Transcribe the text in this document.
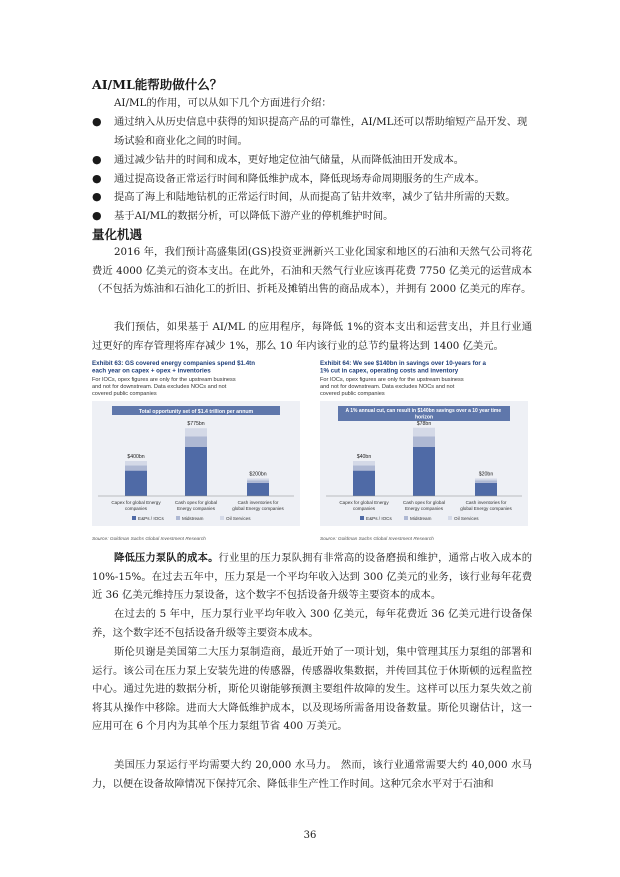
AI/ML能帮助做什么？

AI/ML的作用，可以从如下几个方面进行介绍：

● 通过纳入从历史信息中获得的知识提高产品的可靠性，AI/ML还可以帮助缩短产品开发、现场试验和商业化之间的时间。
● 通过减少钻井的时间和成本，更好地定位油气储量，从而降低油田开发成本。
● 通过提高设备正常运行时间和降低维护成本，降低现场寿命周期服务的生产成本。
● 提高了海上和陆地钻机的正常运行时间，从而提高了钻井效率，减少了钻井所需的天数。
● 基于AI/ML的数据分析，可以降低下游产业的停机维护时间。
量化机遇

2016 年，我们预计高盛集团(GS)投资亚洲新兴工业化国家和地区的石油和天然气公司将花费近 4000 亿美元的资本支出。在此外，石油和天然气行业应该再花费 7750 亿美元的运营成本（不包括为炼油和石油化工的折旧、折耗及摊销出售的商品成本），并拥有 2000 亿美元的库存。

我们预估，如果基于 AI/ML 的应用程序，每降低 1%的资本支出和运营支出，并且行业通过更好的库存管理将库存减少 1%，那么 10 年内该行业的总节约量将达到 1400 亿美元。

Exhibit 63: GS covered energy companies spend $1.4tn each year on capex + opex + inventories
For IOCs, opex figures are only for the upstream business and not for downstream. Data excludes NOCs and not covered public companies
Total opportunity set of $1.4 trillion per annum
$400bn
$775bn
$200bn
Capex for global Energy companies
Cash opex for global Energy companies
Cash inventories for global Energy companies
E&Ps / IOCs	Midstream	Oil Services
Source: Goldman Sachs Global Investment Research
Exhibit 64: We see $140bn in savings over 10-years for a 1% cut in capex, operating costs and inventory
For IOCs, opex figures are only for the upstream business and not for downstream. Data excludes NOCs and not covered public companies
A 1% annual cut, can result in $140bn savings over a 10 year time horizon
$40bn
$78bn
$20bn
Capex for global Energy companies
Cash opex for global Energy companies
Cash inventories for global Energy companies
E&Ps / IOCs	Midstream	Oil Services
Source: Goldman Sachs Global Investment Research

降低压力泵队的成本。行业里的压力泵队拥有非常高的设备磨损和维护，通常占收入成本的 10%-15%。在过去五年中，压力泵是一个平均年收入达到 300 亿美元的业务，该行业每年花费近 36 亿美元维持压力泵设备，这个数字不包括设备升级等主要资本的成本。

在过去的 5 年中，压力泵行业平均年收入 300 亿美元，每年花费近 36 亿美元进行设备保养，这个数字还不包括设备升级等主要资本成本。

斯伦贝谢是美国第二大压力泵制造商，最近开始了一项计划，集中管理其压力泵组的部署和运行。该公司在压力泵上安装先进的传感器，传感器收集数据，并传回其位于休斯顿的远程监控中心。通过先进的数据分析，斯伦贝谢能够预测主要组件故障的发生。这样可以压力泵失效之前将其从操作中移除。进而大大降低维护成本，以及现场所需备用设备数量。斯伦贝谢估计，这一应用可在 6 个月内为其单个压力泵组节省 400 万美元。

美国压力泵运行平均需要大约 20,000 水马力。 然而，该行业通常需要大约 40,000 水马力，以便在设备故障情况下保持冗余、降低非生产性工作时间。这种冗余水平对于石油和

36
